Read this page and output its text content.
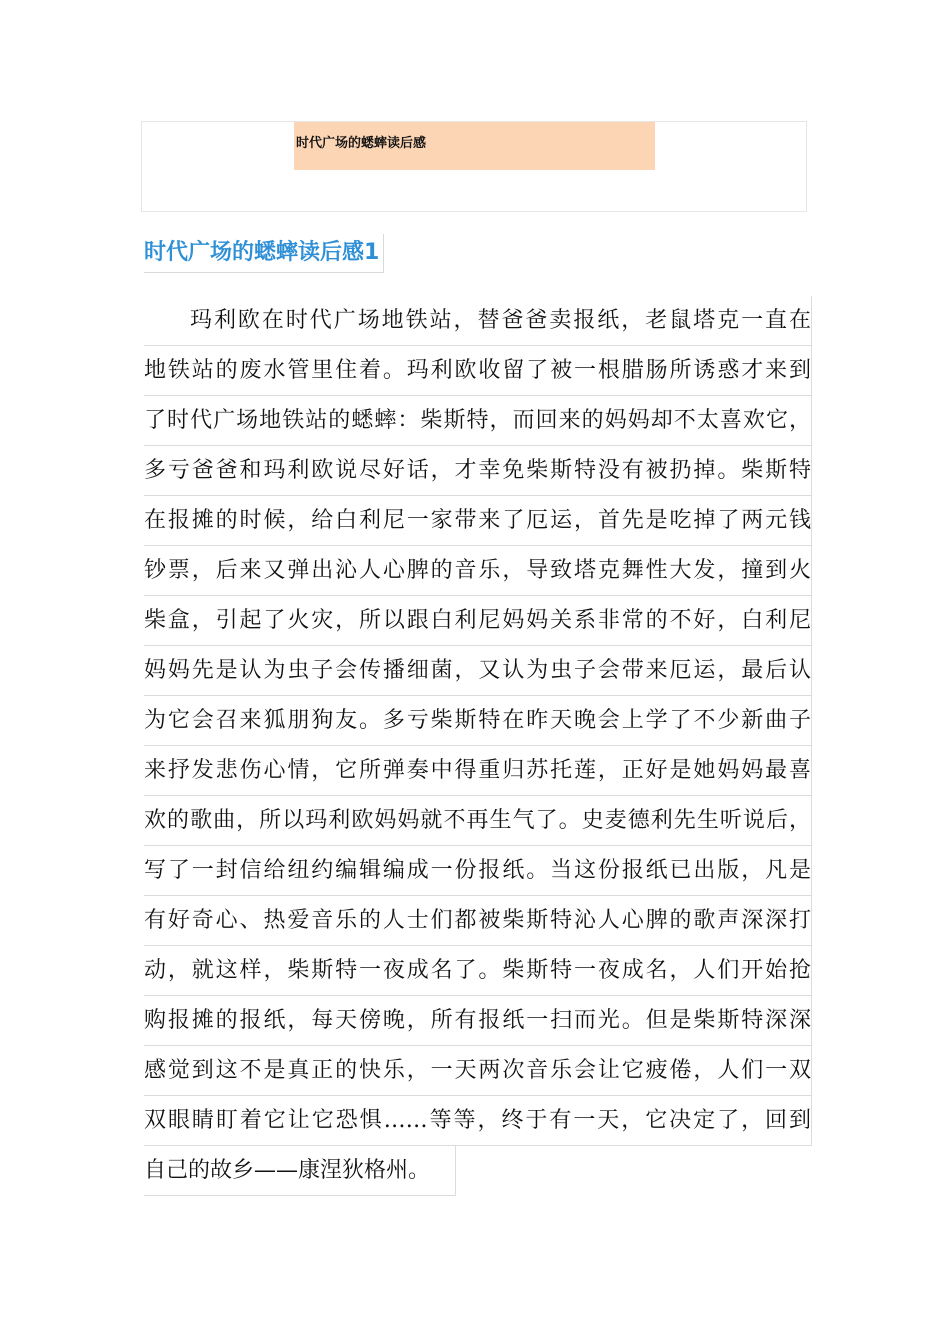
时代广场的蟋蟀读后感
时代广场的蟋蟀读后感1
玛利欧在时代广场地铁站，替爸爸卖报纸，老鼠塔克一直在
地铁站的废水管里住着。玛利欧收留了被一根腊肠所诱惑才来到
了时代广场地铁站的蟋蟀：柴斯特，而回来的妈妈却不太喜欢它，
多亏爸爸和玛利欧说尽好话，才幸免柴斯特没有被扔掉。柴斯特
在报摊的时候，给白利尼一家带来了厄运，首先是吃掉了两元钱
钞票，后来又弹出沁人心脾的音乐，导致塔克舞性大发，撞到火
柴盒，引起了火灾，所以跟白利尼妈妈关系非常的不好，白利尼
妈妈先是认为虫子会传播细菌，又认为虫子会带来厄运，最后认
为它会召来狐朋狗友。多亏柴斯特在昨天晚会上学了不少新曲子
来抒发悲伤心情，它所弹奏中得重归苏托莲，正好是她妈妈最喜
欢的歌曲，所以玛利欧妈妈就不再生气了。史麦德利先生听说后，
写了一封信给纽约编辑编成一份报纸。当这份报纸已出版，凡是
有好奇心、热爱音乐的人士们都被柴斯特沁人心脾的歌声深深打
动，就这样，柴斯特一夜成名了。柴斯特一夜成名，人们开始抢
购报摊的报纸，每天傍晚，所有报纸一扫而光。但是柴斯特深深
感觉到这不是真正的快乐，一天两次音乐会让它疲倦，人们一双
双眼睛盯着它让它恐惧……等等，终于有一天，它决定了，回到
自己的故乡——康涅狄格州。
